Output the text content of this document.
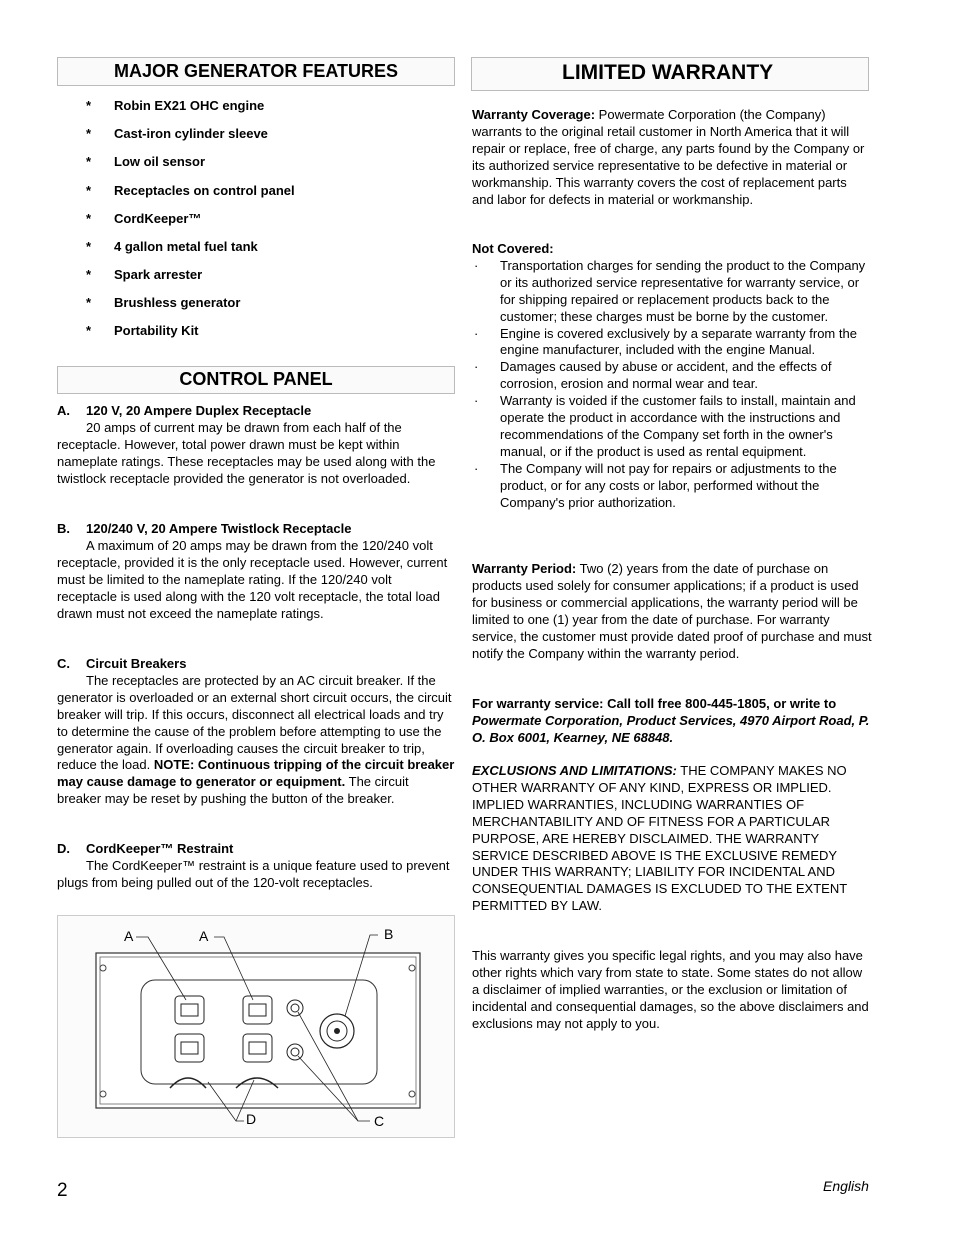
MAJOR GENERATOR FEATURES
* Robin EX21 OHC engine
* Cast-iron cylinder sleeve
* Low oil sensor
* Receptacles on control panel
* CordKeeper™
* 4 gallon metal fuel tank
* Spark arrester
* Brushless generator
* Portability Kit
CONTROL PANEL
A. 120 V, 20 Ampere Duplex Receptacle
20 amps of current may be drawn from each half of the receptacle. However, total power drawn must be kept within nameplate ratings. These receptacles may be used along with the twistlock receptacle provided the generator is not overloaded.
B. 120/240 V, 20 Ampere Twistlock Receptacle
A maximum of 20 amps may be drawn from the 120/240 volt receptacle, provided it is the only receptacle used. However, current must be limited to the nameplate rating. If the 120/240 volt receptacle is used along with the 120 volt receptacle, the total load drawn must not exceed the nameplate ratings.
C. Circuit Breakers
The receptacles are protected by an AC circuit breaker. If the generator is overloaded or an external short circuit occurs, the circuit breaker will trip. If this occurs, disconnect all electrical loads and try to determine the cause of the problem before attempting to use the generator again. If overloading causes the circuit breaker to trip, reduce the load. NOTE: Continuous tripping of the circuit breaker may cause damage to generator or equipment. The circuit breaker may be reset by pushing the button of the breaker.
D. CordKeeper™ Restraint
The CordKeeper™ restraint is a unique feature used to prevent plugs from being pulled out of the 120-volt receptacles.
A	A	B
C
D
LIMITED WARRANTY
Warranty Coverage: Powermate Corporation (the Company) warrants to the original retail customer in North America that it will repair or replace, free of charge, any parts found by the Company or its authorized service representative to be defective in material or workmanship. This warranty covers the cost of replacement parts and labor for defects in material or workmanship.
Not Covered:
· Transportation charges for sending the product to the Company or its authorized service representative for warranty service, or for shipping repaired or replacement products back to the customer; these charges must be borne by the customer.
· Engine is covered exclusively by a separate warranty from the engine manufacturer, included with the engine Manual.
· Damages caused by abuse or accident, and the effects of corrosion, erosion and normal wear and tear.
· Warranty is voided if the customer fails to install, maintain and operate the product in accordance with the instructions and recommendations of the Company set forth in the owner's manual, or if the product is used as rental equipment.
· The Company will not pay for repairs or adjustments to the product, or for any costs or labor, performed without the Company's prior authorization.
Warranty Period: Two (2) years from the date of purchase on products used solely for consumer applications; if a product is used for business or commercial applications, the warranty period will be limited to one (1) year from the date of purchase. For warranty service, the customer must provide dated proof of purchase and must notify the Company within the warranty period.
For warranty service: Call toll free 800-445-1805, or write to Powermate Corporation, Product Services, 4970 Airport Road, P. O. Box 6001, Kearney, NE 68848.
EXCLUSIONS AND LIMITATIONS: THE COMPANY MAKES NO OTHER WARRANTY OF ANY KIND, EXPRESS OR IMPLIED. IMPLIED WARRANTIES, INCLUDING WARRANTIES OF MERCHANTABILITY AND OF FITNESS FOR A PARTICULAR PURPOSE, ARE HEREBY DISCLAIMED. THE WARRANTY SERVICE DESCRIBED ABOVE IS THE EXCLUSIVE REMEDY UNDER THIS WARRANTY; LIABILITY FOR INCIDENTAL AND CONSEQUENTIAL DAMAGES IS EXCLUDED TO THE EXTENT PERMITTED BY LAW.
This warranty gives you specific legal rights, and you may also have other rights which vary from state to state. Some states do not allow a disclaimer of implied warranties, or the exclusion or limitation of incidental and consequential damages, so the above disclaimers and exclusions may not apply to you.
2	English
